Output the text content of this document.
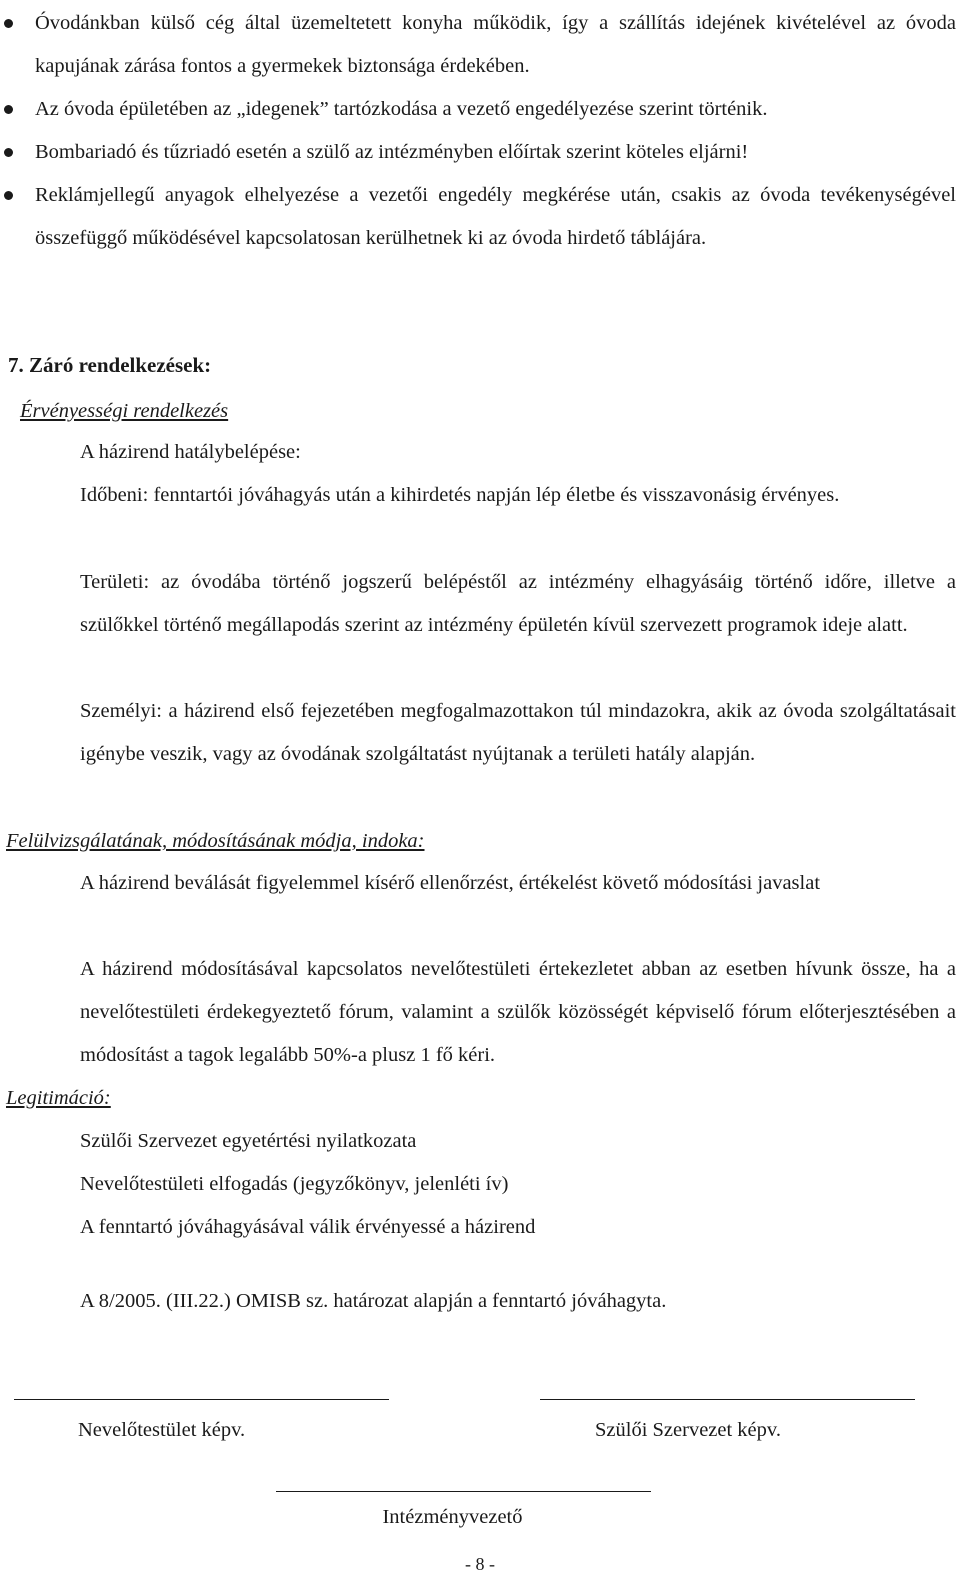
Óvodánkban külső cég által üzemeltetett konyha működik, így a szállítás idejének kivételével az óvoda kapujának zárása fontos a gyermekek biztonsága érdekében.
Az óvoda épületében az „idegenek” tartózkodása a vezető engedélyezése szerint történik.
Bombariadó és tűzriadó esetén a szülő az intézményben előírtak szerint köteles eljárni!
Reklámjellegű anyagok elhelyezése a vezetői engedély megkérése után, csakis az óvoda tevékenységével összefüggő működésével kapcsolatosan kerülhetnek ki az óvoda hirdető táblájára.
7. Záró rendelkezések:
Érvényességi rendelkezés
A házirend hatálybelépése:
Időbeni: fenntartói jóváhagyás után a kihirdetés napján lép életbe és visszavonásig érvényes.
Területi: az óvodába történő jogszerű belépéstől az intézmény elhagyásáig történő időre, illetve a szülőkkel történő megállapodás szerint az intézmény épületén kívül szervezett programok ideje alatt.
Személyi: a házirend első fejezetében megfogalmazottakon túl mindazokra, akik az óvoda szolgáltatásait igénybe veszik, vagy az óvodának szolgáltatást nyújtanak a területi hatály alapján.
Felülvizsgálatának, módosításának módja, indoka:
A házirend beválását figyelemmel kísérő ellenőrzést, értékelést követő módosítási javaslat
A házirend módosításával kapcsolatos nevelőtestületi értekezletet abban az esetben hívunk össze, ha a nevelőtestületi érdekegyeztető fórum, valamint a szülők közösségét képviselő fórum előterjesztésében a módosítást a tagok legalább 50%-a plusz 1 fő kéri.
Legitimáció:
Szülői Szervezet egyetértési nyilatkozata
Nevelőtestületi elfogadás (jegyzőkönyv, jelenléti ív)
A fenntartó jóváhagyásával válik érvényessé a házirend
A 8/2005. (III.22.) OMISB sz. határozat alapján a fenntartó jóváhagyta.
Nevelőtestület képv.	Szülői Szervezet képv.
Intézményvezető
- 8 -
